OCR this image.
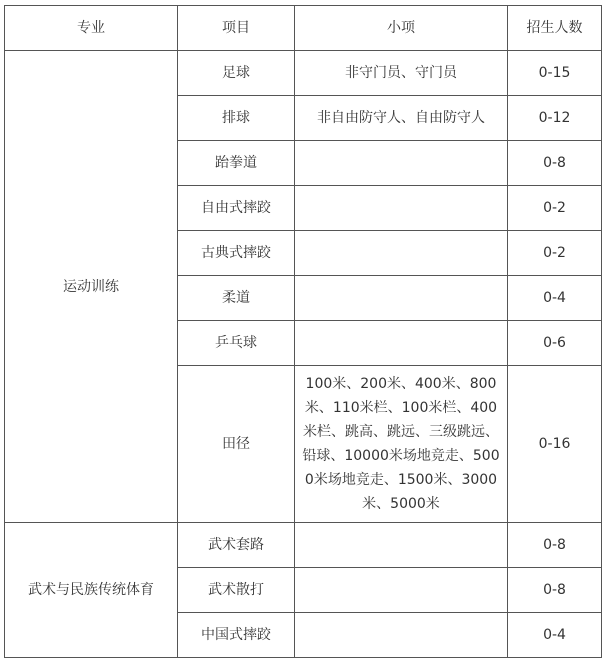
专业	项目	小项	招生人数
运动训练	足球	非守门员、守门员	0-15
	排球	非自由防守人、自由防守人	0-12
	跆拳道		0-8
	自由式摔跤		0-2
	古典式摔跤		0-2
	柔道		0-4
	乒乓球		0-6
	田径	100米、200米、400米、800米、110米栏、100米栏、400米栏、跳高、跳远、三级跳远、铅球、10000米场地竞走、5000米场地竞走、1500米、3000米、5000米	0-16
武术与民族传统体育	武术套路		0-8
	武术散打		0-8
	中国式摔跤		0-4
